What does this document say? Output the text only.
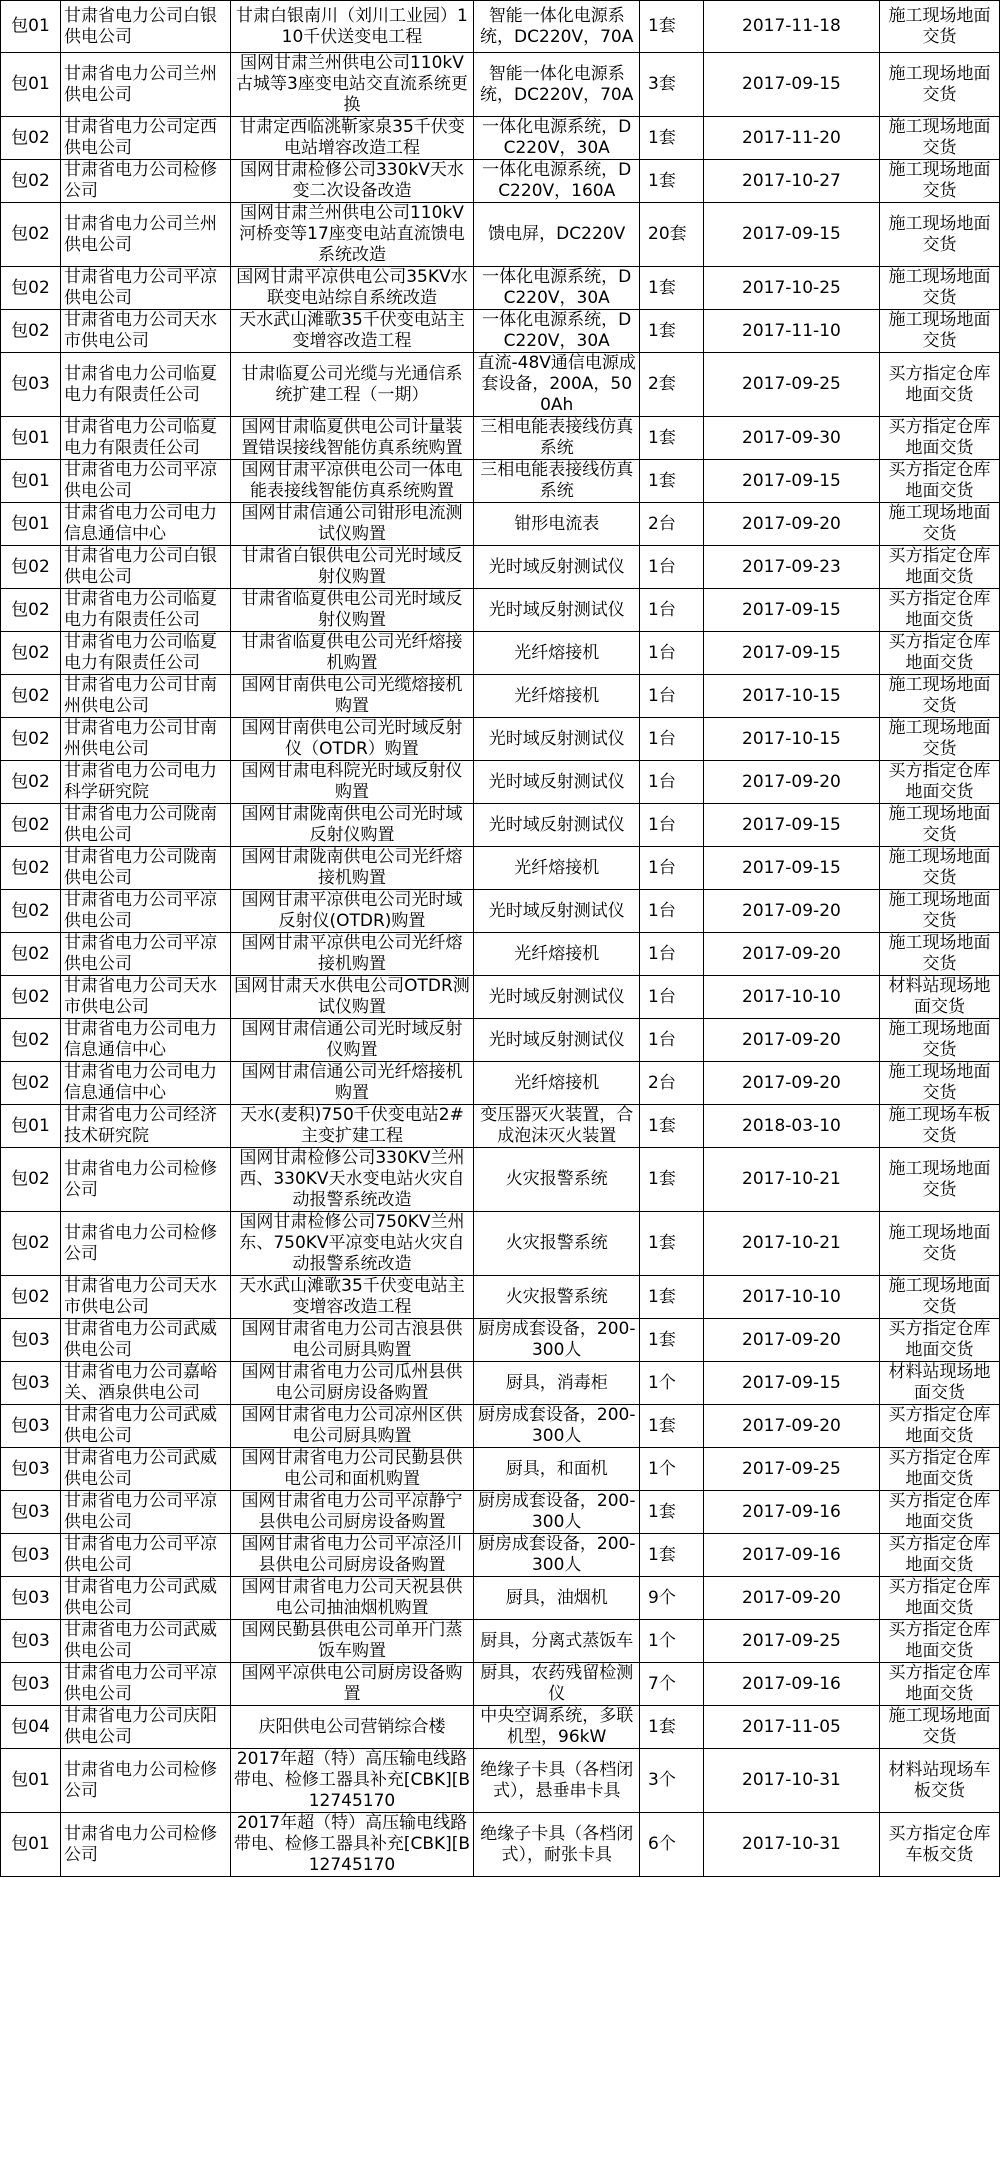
包01	甘肃省电力公司白银供电公司	甘肃白银南川（刘川工业园）110千伏送变电工程	智能一体化电源系统，DC220V，70A	1套	2017-11-18	施工现场地面交货
包01	甘肃省电力公司兰州供电公司	国网甘肃兰州供电公司110kV古城等3座变电站交直流系统更换	智能一体化电源系统，DC220V，70A	3套	2017-09-15	施工现场地面交货
包02	甘肃省电力公司定西供电公司	甘肃定西临洮靳家泉35千伏变电站增容改造工程	一体化电源系统，DC220V，30A	1套	2017-11-20	施工现场地面交货
包02	甘肃省电力公司检修公司	国网甘肃检修公司330kV天水变二次设备改造	一体化电源系统，DC220V，160A	1套	2017-10-27	施工现场地面交货
包02	甘肃省电力公司兰州供电公司	国网甘肃兰州供电公司110kV河桥变等17座变电站直流馈电系统改造	馈电屏，DC220V	20套	2017-09-15	施工现场地面交货
包02	甘肃省电力公司平凉供电公司	国网甘肃平凉供电公司35KV水联变电站综自系统改造	一体化电源系统，DC220V，30A	1套	2017-10-25	施工现场地面交货
包02	甘肃省电力公司天水市供电公司	天水武山滩歌35千伏变电站主变增容改造工程	一体化电源系统，DC220V，30A	1套	2017-11-10	施工现场地面交货
包03	甘肃省电力公司临夏电力有限责任公司	甘肃临夏公司光缆与光通信系统扩建工程（一期）	直流-48V通信电源成套设备，200A，500Ah	2套	2017-09-25	买方指定仓库地面交货
包01	甘肃省电力公司临夏电力有限责任公司	国网甘肃临夏供电公司计量装置错误接线智能仿真系统购置	三相电能表接线仿真系统	1套	2017-09-30	买方指定仓库地面交货
包01	甘肃省电力公司平凉供电公司	国网甘肃平凉供电公司一体电能表接线智能仿真系统购置	三相电能表接线仿真系统	1套	2017-09-15	买方指定仓库地面交货
包01	甘肃省电力公司电力信息通信中心	国网甘肃信通公司钳形电流测试仪购置	钳形电流表	2台	2017-09-20	施工现场地面交货
包02	甘肃省电力公司白银供电公司	甘肃省白银供电公司光时域反射仪购置	光时域反射测试仪	1台	2017-09-23	买方指定仓库地面交货
包02	甘肃省电力公司临夏电力有限责任公司	甘肃省临夏供电公司光时域反射仪购置	光时域反射测试仪	1台	2017-09-15	买方指定仓库地面交货
包02	甘肃省电力公司临夏电力有限责任公司	甘肃省临夏供电公司光纤熔接机购置	光纤熔接机	1台	2017-09-15	买方指定仓库地面交货
包02	甘肃省电力公司甘南州供电公司	国网甘南供电公司光缆熔接机购置	光纤熔接机	1台	2017-10-15	施工现场地面交货
包02	甘肃省电力公司甘南州供电公司	国网甘南供电公司光时域反射仪（OTDR）购置	光时域反射测试仪	1台	2017-10-15	施工现场地面交货
包02	甘肃省电力公司电力科学研究院	国网甘肃电科院光时域反射仪购置	光时域反射测试仪	1台	2017-09-20	买方指定仓库地面交货
包02	甘肃省电力公司陇南供电公司	国网甘肃陇南供电公司光时域反射仪购置	光时域反射测试仪	1台	2017-09-15	施工现场地面交货
包02	甘肃省电力公司陇南供电公司	国网甘肃陇南供电公司光纤熔接机购置	光纤熔接机	1台	2017-09-15	施工现场地面交货
包02	甘肃省电力公司平凉供电公司	国网甘肃平凉供电公司光时域反射仪(OTDR)购置	光时域反射测试仪	1台	2017-09-20	施工现场地面交货
包02	甘肃省电力公司平凉供电公司	国网甘肃平凉供电公司光纤熔接机购置	光纤熔接机	1台	2017-09-20	施工现场地面交货
包02	甘肃省电力公司天水市供电公司	国网甘肃天水供电公司OTDR测试仪购置	光时域反射测试仪	1台	2017-10-10	材料站现场地面交货
包02	甘肃省电力公司电力信息通信中心	国网甘肃信通公司光时域反射仪购置	光时域反射测试仪	1台	2017-09-20	施工现场地面交货
包02	甘肃省电力公司电力信息通信中心	国网甘肃信通公司光纤熔接机购置	光纤熔接机	2台	2017-09-20	施工现场地面交货
包01	甘肃省电力公司经济技术研究院	天水(麦积)750千伏变电站2#主变扩建工程	变压器灭火装置，合成泡沫灭火装置	1套	2018-03-10	施工现场车板交货
包02	甘肃省电力公司检修公司	国网甘肃检修公司330KV兰州西、330KV天水变电站火灾自动报警系统改造	火灾报警系统	1套	2017-10-21	施工现场地面交货
包02	甘肃省电力公司检修公司	国网甘肃检修公司750KV兰州东、750KV平凉变电站火灾自动报警系统改造	火灾报警系统	1套	2017-10-21	施工现场地面交货
包02	甘肃省电力公司天水市供电公司	天水武山滩歌35千伏变电站主变增容改造工程	火灾报警系统	1套	2017-10-10	施工现场地面交货
包03	甘肃省电力公司武威供电公司	国网甘肃省电力公司古浪县供电公司厨具购置	厨房成套设备，200-300人	1套	2017-09-20	买方指定仓库地面交货
包03	甘肃省电力公司嘉峪关、酒泉供电公司	国网甘肃省电力公司瓜州县供电公司厨房设备购置	厨具，消毒柜	1个	2017-09-15	材料站现场地面交货
包03	甘肃省电力公司武威供电公司	国网甘肃省电力公司凉州区供电公司厨具购置	厨房成套设备，200-300人	1套	2017-09-20	买方指定仓库地面交货
包03	甘肃省电力公司武威供电公司	国网甘肃省电力公司民勤县供电公司和面机购置	厨具，和面机	1个	2017-09-25	买方指定仓库地面交货
包03	甘肃省电力公司平凉供电公司	国网甘肃省电力公司平凉静宁县供电公司厨房设备购置	厨房成套设备，200-300人	1套	2017-09-16	买方指定仓库地面交货
包03	甘肃省电力公司平凉供电公司	国网甘肃省电力公司平凉泾川县供电公司厨房设备购置	厨房成套设备，200-300人	1套	2017-09-16	买方指定仓库地面交货
包03	甘肃省电力公司武威供电公司	国网甘肃省电力公司天祝县供电公司抽油烟机购置	厨具，油烟机	9个	2017-09-20	买方指定仓库地面交货
包03	甘肃省电力公司武威供电公司	国网民勤县供电公司单开门蒸饭车购置	厨具，分离式蒸饭车	1个	2017-09-25	买方指定仓库地面交货
包03	甘肃省电力公司平凉供电公司	国网平凉供电公司厨房设备购置	厨具，农药残留检测仪	7个	2017-09-16	买方指定仓库地面交货
包04	甘肃省电力公司庆阳供电公司	庆阳供电公司营销综合楼	中央空调系统，多联机型，96kW	1套	2017-11-05	施工现场地面交货
包01	甘肃省电力公司检修公司	2017年超（特）高压输电线路带电、检修工器具补充[CBK][B12745170	绝缘子卡具（各档闭式），悬垂串卡具	3个	2017-10-31	材料站现场车板交货
包01	甘肃省电力公司检修公司	2017年超（特）高压输电线路带电、检修工器具补充[CBK][B12745170	绝缘子卡具（各档闭式），耐张卡具	6个	2017-10-31	买方指定仓库车板交货
